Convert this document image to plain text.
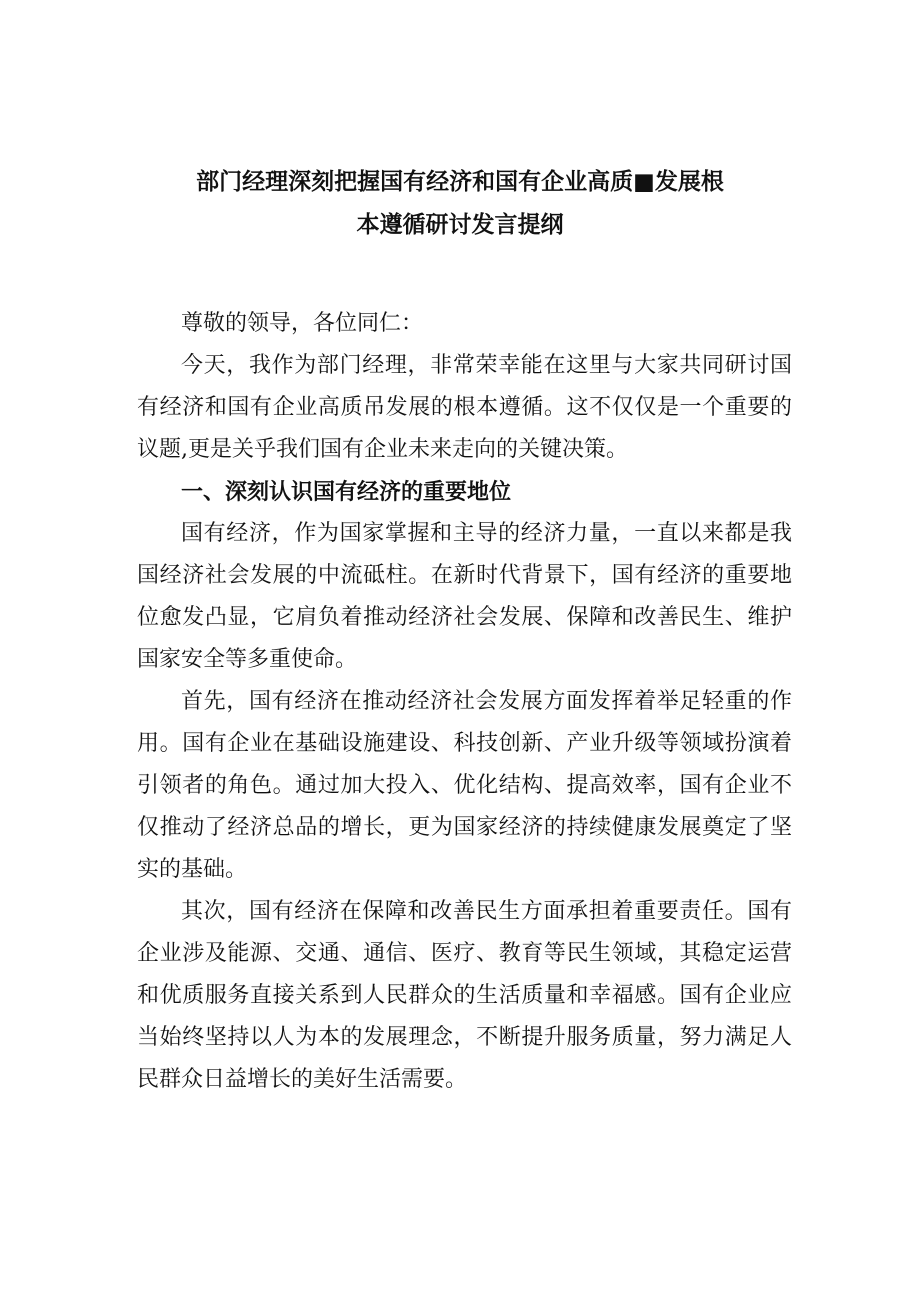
部门经理深刻把握国有经济和国有企业高质■发展根
本遵循研讨发言提纲

尊敬的领导，各位同仁：

今天，我作为部门经理，非常荣幸能在这里与大家共同研讨国有经济和国有企业高质吊发展的根本遵循。这不仅仅是一个重要的议题,更是关乎我们国有企业未来走向的关键决策。

一、深刻认识国有经济的重要地位

国有经济，作为国家掌握和主导的经济力量，一直以来都是我国经济社会发展的中流砥柱。在新时代背景下，国有经济的重要地位愈发凸显，它肩负着推动经济社会发展、保障和改善民生、维护国家安全等多重使命。

首先，国有经济在推动经济社会发展方面发挥着举足轻重的作用。国有企业在基础设施建设、科技创新、产业升级等领域扮演着引领者的角色。通过加大投入、优化结构、提高效率，国有企业不仅推动了经济总品的增长，更为国家经济的持续健康发展奠定了坚实的基础。

其次，国有经济在保障和改善民生方面承担着重要责任。国有企业涉及能源、交通、通信、医疗、教育等民生领域，其稳定运营和优质服务直接关系到人民群众的生活质量和幸福感。国有企业应当始终坚持以人为本的发展理念，不断提升服务质量，努力满足人民群众日益增长的美好生活需要。
